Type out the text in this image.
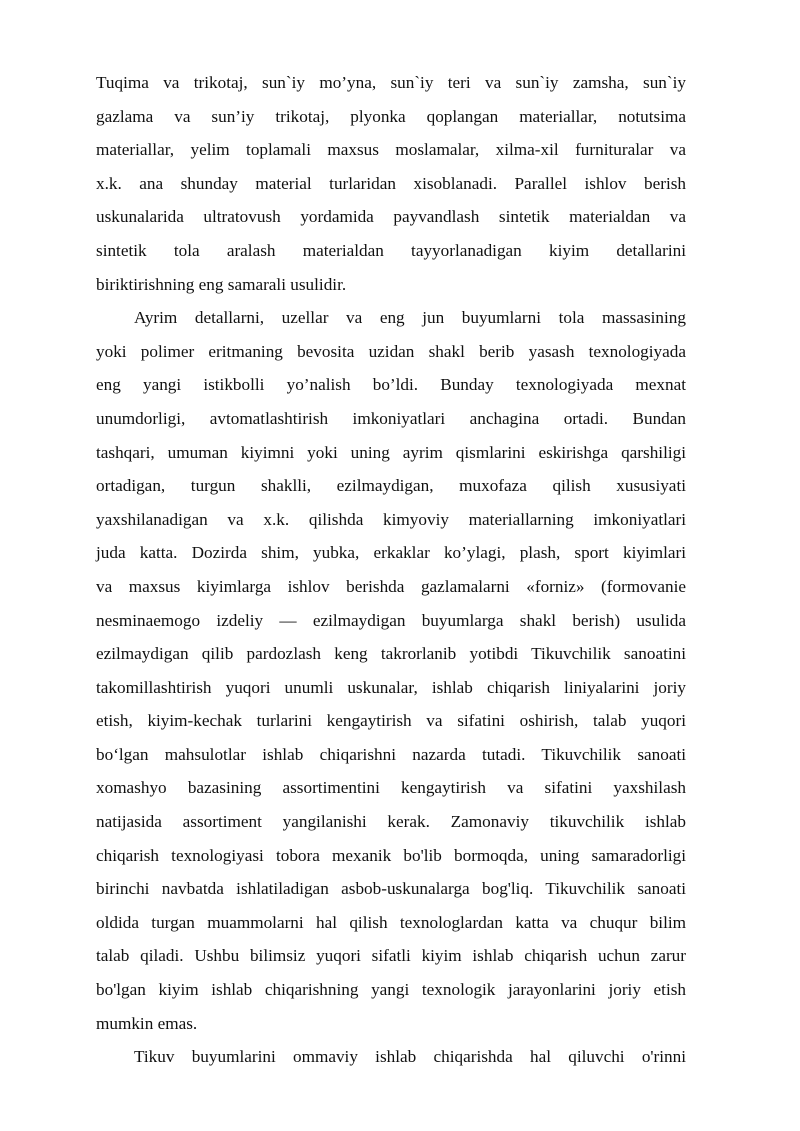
Tuqima va trikotaj, sun`iy mo’yna, sun`iy teri va sun`iy zamsha, sun`iy
gazlama va sun’iy trikotaj, plyonka qoplangan materiallar, notutsima
materiallar, yelim toplamali maxsus moslamalar, xilma-xil furnituralar va
x.k. ana shunday material turlaridan xisoblanadi. Parallel ishlov berish
uskunalarida ultratovush yordamida payvandlash sintetik materialdan va
sintetik tola aralash materialdan tayyorlanadigan kiyim detallarini
biriktirishning eng samarali usulidir.
Ayrim detallarni, uzellar va eng jun buyumlarni tola massasining
yoki polimer eritmaning bevosita uzidan shakl berib yasash texnologiyada
eng yangi istikbolli yo’nalish bo’ldi. Bunday texnologiyada mexnat
unumdorligi, avtomatlashtirish imkoniyatlari anchagina ortadi. Bundan
tashqari, umuman kiyimni yoki uning ayrim qismlarini eskirishga qarshiligi
ortadigan, turgun shaklli, ezilmaydigan, muxofaza qilish xususiyati
yaxshilanadigan va x.k. qilishda kimyoviy materiallarning imkoniyatlari
juda katta. Dozirda shim, yubka, erkaklar ko’ylagi, plash, sport kiyimlari
va maxsus kiyimlarga ishlov berishda gazlamalarni «forniz» (formovanie
nesminaemogo izdeliy — ezilmaydigan buyumlarga shakl berish) usulida
ezilmaydigan qilib pardozlash keng takrorlanib yotibdi Tikuvchilik sanoatini
takomillashtirish yuqori unumli uskunalar, ishlab chiqarish liniyalarini joriy
etish, kiyim-kechak turlarini kengaytirish va sifatini oshirish, talab yuqori
bo‘lgan mahsulotlar ishlab chiqarishni nazarda tutadi. Tikuvchilik sanoati
xomashyo bazasining assortimentini kengaytirish va sifatini yaxshilash
natijasida assortiment yangilanishi kerak. Zamonaviy tikuvchilik ishlab
chiqarish texnologiyasi tobora mexanik bo'lib bormoqda, uning samaradorligi
birinchi navbatda ishlatiladigan asbob-uskunalarga bog'liq. Tikuvchilik sanoati
oldida turgan muammolarni hal qilish texnologlardan katta va chuqur bilim
talab qiladi. Ushbu bilimsiz yuqori sifatli kiyim ishlab chiqarish uchun zarur
bo'lgan kiyim ishlab chiqarishning yangi texnologik jarayonlarini joriy etish
mumkin emas.
Tikuv buyumlarini ommaviy ishlab chiqarishda hal qiluvchi o'rinni
